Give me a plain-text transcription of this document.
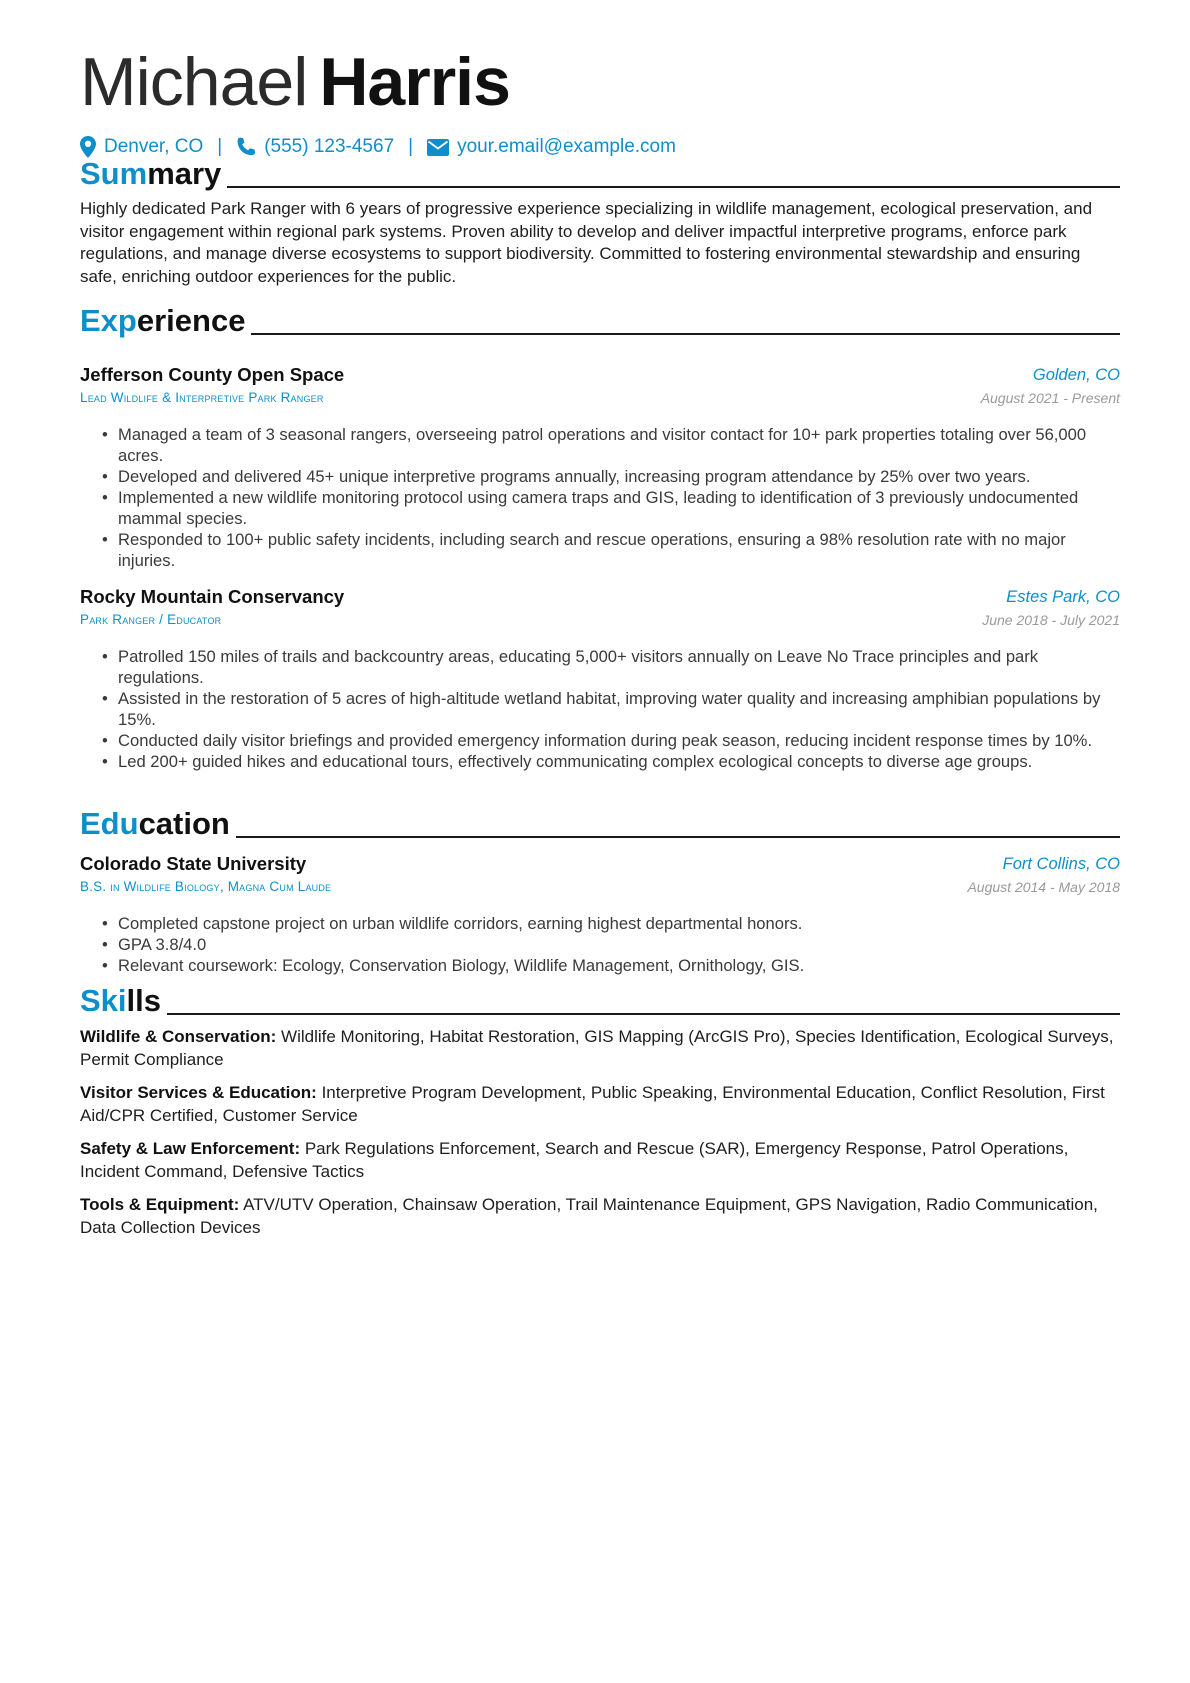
Michael Harris
Denver, CO | (555) 123-4567 | your.email@example.com
Summary

Highly dedicated Park Ranger with 6 years of progressive experience specializing in wildlife management, ecological preservation, and visitor engagement within regional park systems. Proven ability to develop and deliver impactful interpretive programs, enforce park regulations, and manage diverse ecosystems to support biodiversity. Committed to fostering environmental stewardship and ensuring safe, enriching outdoor experiences for the public.

Experience
Jefferson County Open Space	Golden, CO
Lead Wildlife & Interpretive Park Ranger	August 2021 - Present
• Managed a team of 3 seasonal rangers, overseeing patrol operations and visitor contact for 10+ park properties totaling over 56,000 acres.
• Developed and delivered 45+ unique interpretive programs annually, increasing program attendance by 25% over two years.
• Implemented a new wildlife monitoring protocol using camera traps and GIS, leading to identification of 3 previously undocumented mammal species.
• Responded to 100+ public safety incidents, including search and rescue operations, ensuring a 98% resolution rate with no major injuries.
Rocky Mountain Conservancy	Estes Park, CO
Park Ranger / Educator	June 2018 - July 2021
• Patrolled 150 miles of trails and backcountry areas, educating 5,000+ visitors annually on Leave No Trace principles and park regulations.
• Assisted in the restoration of 5 acres of high-altitude wetland habitat, improving water quality and increasing amphibian populations by 15%.
• Conducted daily visitor briefings and provided emergency information during peak season, reducing incident response times by 10%.
• Led 200+ guided hikes and educational tours, effectively communicating complex ecological concepts to diverse age groups.
Education
Colorado State University	Fort Collins, CO
B.S. in Wildlife Biology, Magna Cum Laude	August 2014 - May 2018
• Completed capstone project on urban wildlife corridors, earning highest departmental honors.
• GPA 3.8/4.0
• Relevant coursework: Ecology, Conservation Biology, Wildlife Management, Ornithology, GIS.
Skills

Wildlife & Conservation: Wildlife Monitoring, Habitat Restoration, GIS Mapping (ArcGIS Pro), Species Identification, Ecological Surveys, Permit Compliance

Visitor Services & Education: Interpretive Program Development, Public Speaking, Environmental Education, Conflict Resolution, First Aid/CPR Certified, Customer Service

Safety & Law Enforcement: Park Regulations Enforcement, Search and Rescue (SAR), Emergency Response, Patrol Operations, Incident Command, Defensive Tactics

Tools & Equipment: ATV/UTV Operation, Chainsaw Operation, Trail Maintenance Equipment, GPS Navigation, Radio Communication, Data Collection Devices
